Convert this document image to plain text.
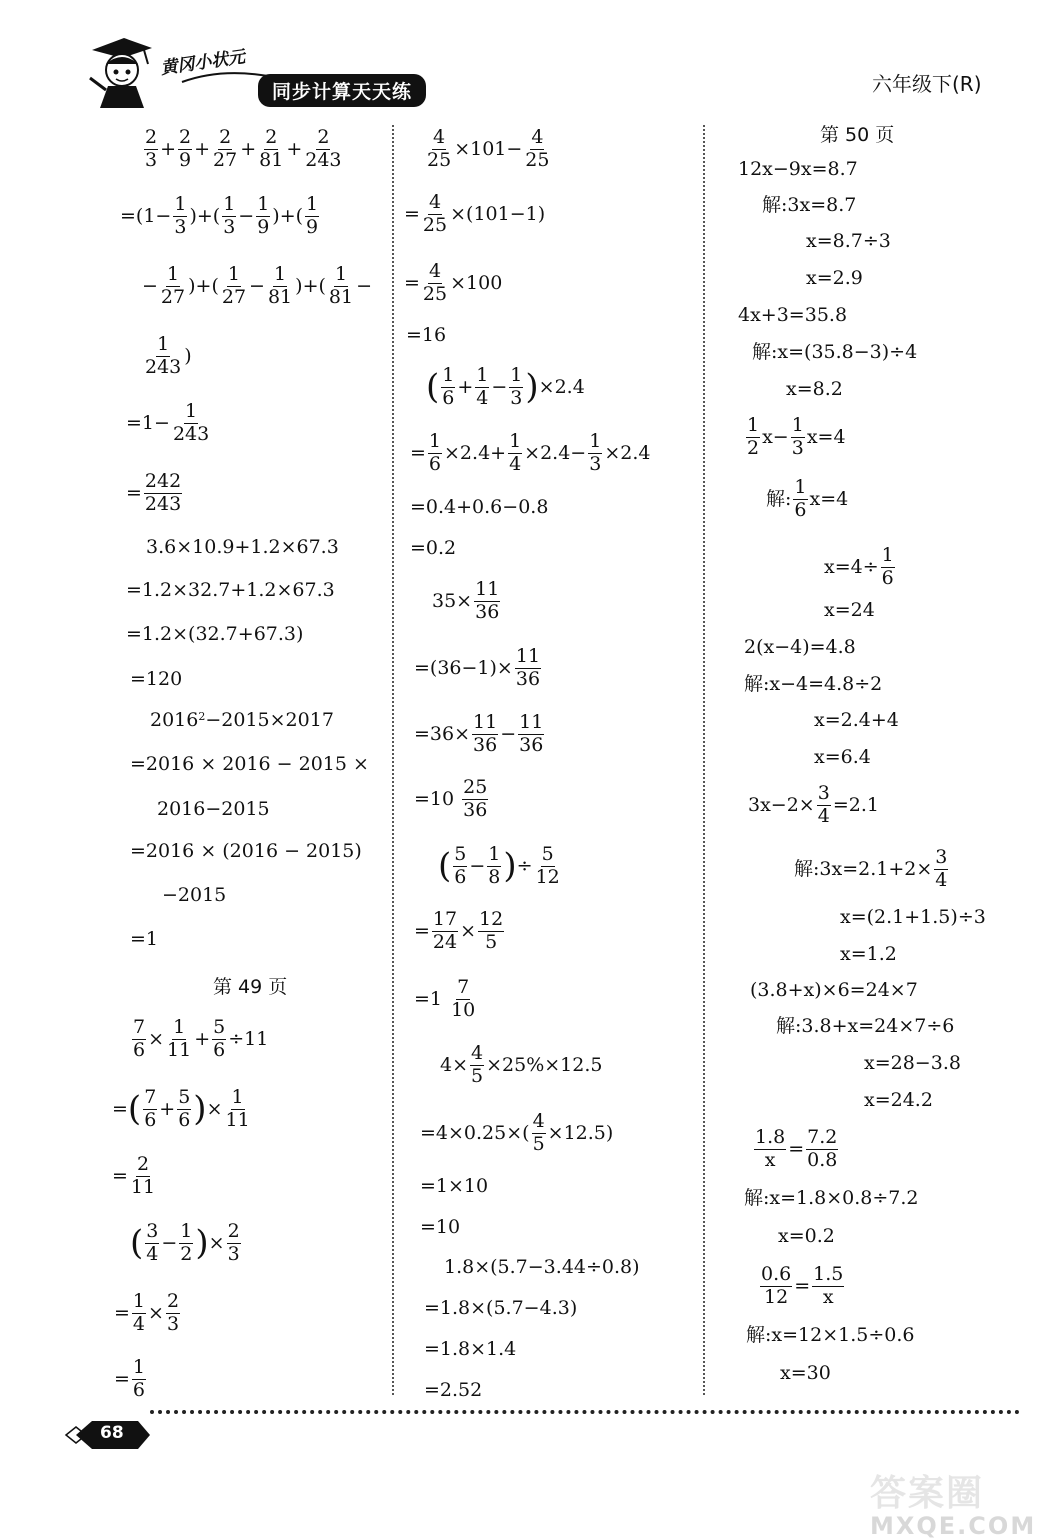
黄冈小状元
同步计算天天练	六年级下(R)
$\frac{2}{3} + \frac{2}{9} + \frac{2}{27} + \frac{2}{81} + \frac{2}{243}$
$=(1- \frac{1}{3}$ )+( $\frac{1}{3} - \frac{1}{9}$ )+( $\frac{1}{9}$
− $\frac{1}{27}$ )+( $\frac{1}{27} - \frac{1}{81}$ )+( $\frac{1}{81}$ −
$\frac{1}{243}$ )
$=1- \frac{1}{243}$
= $\frac{242}{243}$
3.6×10.9+1.2×67.3
=1.2×32.7+1.2×67.3
=1.2×(32.7+67.3)
=120
$2016^2 -2015\times 2017$
=2016 × 2016 − 2015 ×
2016−2015
=2016 × (2016 − 2015)
−2015
=1
第 49 页
$\frac{7}{6} \times \frac{1}{11} + \frac{5}{6} \div 11$
= ( $\frac{7}{6} + \frac{5}{6}$ ) × $\frac{1}{11}$
= $\frac{2}{11}$
( $\frac{3}{4} - \frac{1}{2}$ ) × $\frac{2}{3}$
= $\frac{1}{4} \times \frac{2}{3}$
= $\frac{1}{6}$
$\frac{4}{25} \times 101- \frac{4}{25}$
= $\frac{4}{25} \times(101-1)$
= $\frac{4}{25} \times 100$
=16
( $\frac{1}{6} + \frac{1}{4} - \frac{1}{3}$ ) ×2.4
= $\frac{1}{6} \times 2.4+ \frac{1}{4} \times 2.4- \frac{1}{3} \times 2.4$
=0.4+0.6−0.8
=0.2
$35\times \frac{11}{36}$
$=(36-1)\times \frac{11}{36}$
$=36\times \frac{11}{36} - \frac{11}{36}$
=10
$\frac{25}{36}$
( $\frac{5}{6} - \frac{1}{8}$ ) ÷ $\frac{5}{12}$
= $\frac{17}{24} \times \frac{12}{5}$
$=1 \frac{7}{10}$
$4\times \frac{4}{5} \times 25\%\times 12.5$
$=4\times 0.25\times( \frac{4}{5} \times 12.5)$
=1×10
=10
1.8×(5.7−3.44÷0.8)
=1.8×(5.7−4.3)
=1.8×1.4
=2.52
第 50 页
12x−9x=8.7
解:3x=8.7
x=8.7÷3
x=2.9
4x+3=35.8
解:x=(35.8−3)÷4
x=8.2
$\frac{1}{2} x- \frac{1}{3} x=4$
解: $\frac{1}{6} x=4$
$x=4\div \frac{1}{6}$
x=24
2(x−4)=4.8
解:x−4=4.8÷2
x=2.4+4
x=6.4
$3x-2\times \frac{3}{4} =2.1$
解:3x=2.1+2× $\frac{3}{4}$
x=(2.1+1.5)÷3
x=1.2
(3.8+x)×6=24×7
解:3.8+x=24×7÷6
x=28−3.8
x=24.2
$\frac{1.8}{x} = \frac{7.2}{0.8}$
解:x=1.8×0.8÷7.2
x=0.2
$\frac{0.6}{12} = \frac{1.5}{x}$
解:x=12×1.5÷0.6
x=30
68
答案圈
MXQE.COM
